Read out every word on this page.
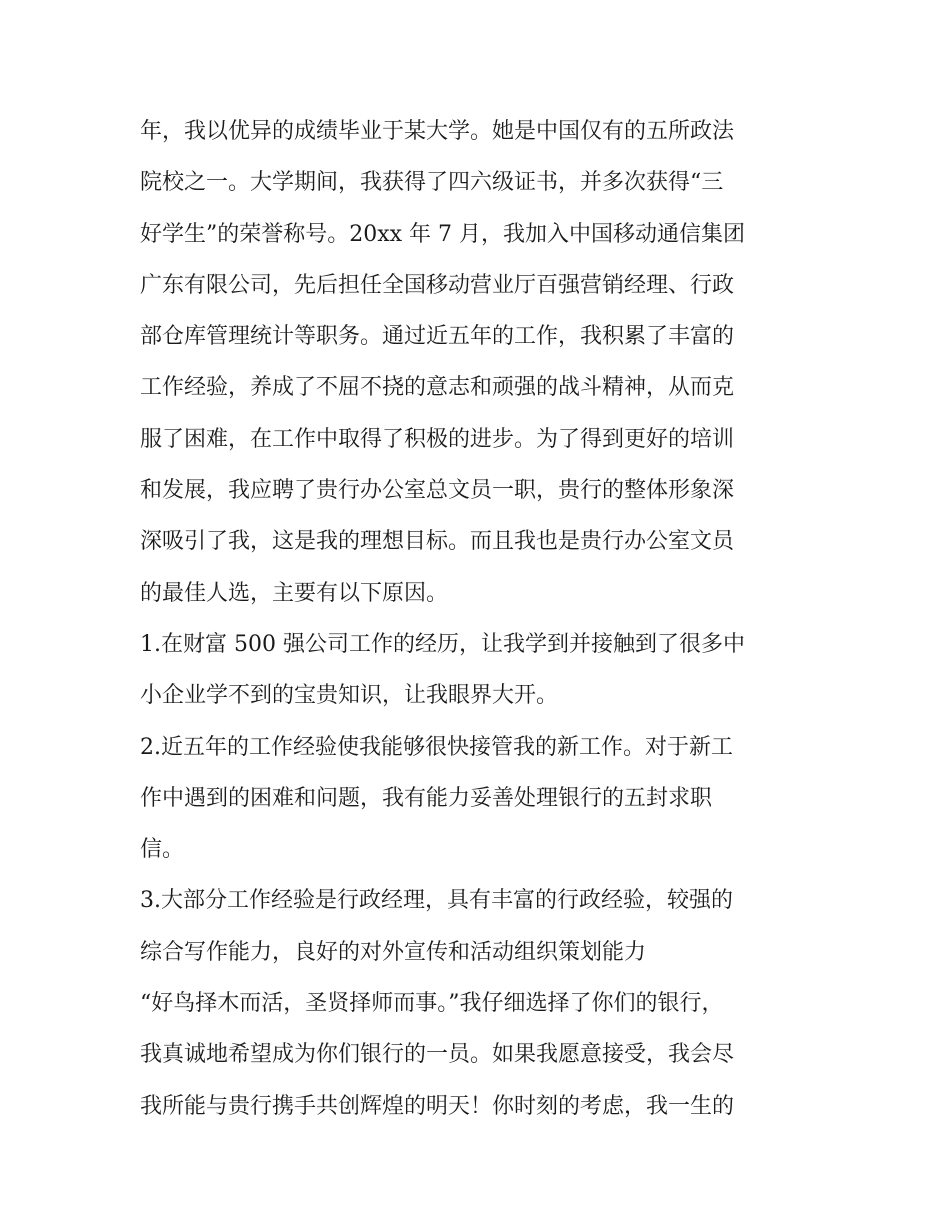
年，我以优异的成绩毕业于某大学。她是中国仅有的五所政法
院校之一。大学期间，我获得了四六级证书，并多次获得“三
好学生”的荣誉称号。20xx 年 7 月，我加入中国移动通信集团
广东有限公司，先后担任全国移动营业厅百强营销经理、行政
部仓库管理统计等职务。通过近五年的工作，我积累了丰富的
工作经验，养成了不屈不挠的意志和顽强的战斗精神，从而克
服了困难，在工作中取得了积极的进步。为了得到更好的培训
和发展，我应聘了贵行办公室总文员一职，贵行的整体形象深
深吸引了我，这是我的理想目标。而且我也是贵行办公室文员
的最佳人选，主要有以下原因。
1.在财富 500 强公司工作的经历，让我学到并接触到了很多中
小企业学不到的宝贵知识，让我眼界大开。
2.近五年的工作经验使我能够很快接管我的新工作。对于新工
作中遇到的困难和问题，我有能力妥善处理银行的五封求职
信。
3.大部分工作经验是行政经理，具有丰富的行政经验，较强的
综合写作能力，良好的对外宣传和活动组织策划能力
“好鸟择木而活，圣贤择师而事。”我仔细选择了你们的银行，
我真诚地希望成为你们银行的一员。如果我愿意接受，我会尽
我所能与贵行携手共创辉煌的明天！你时刻的考虑，我一生的
